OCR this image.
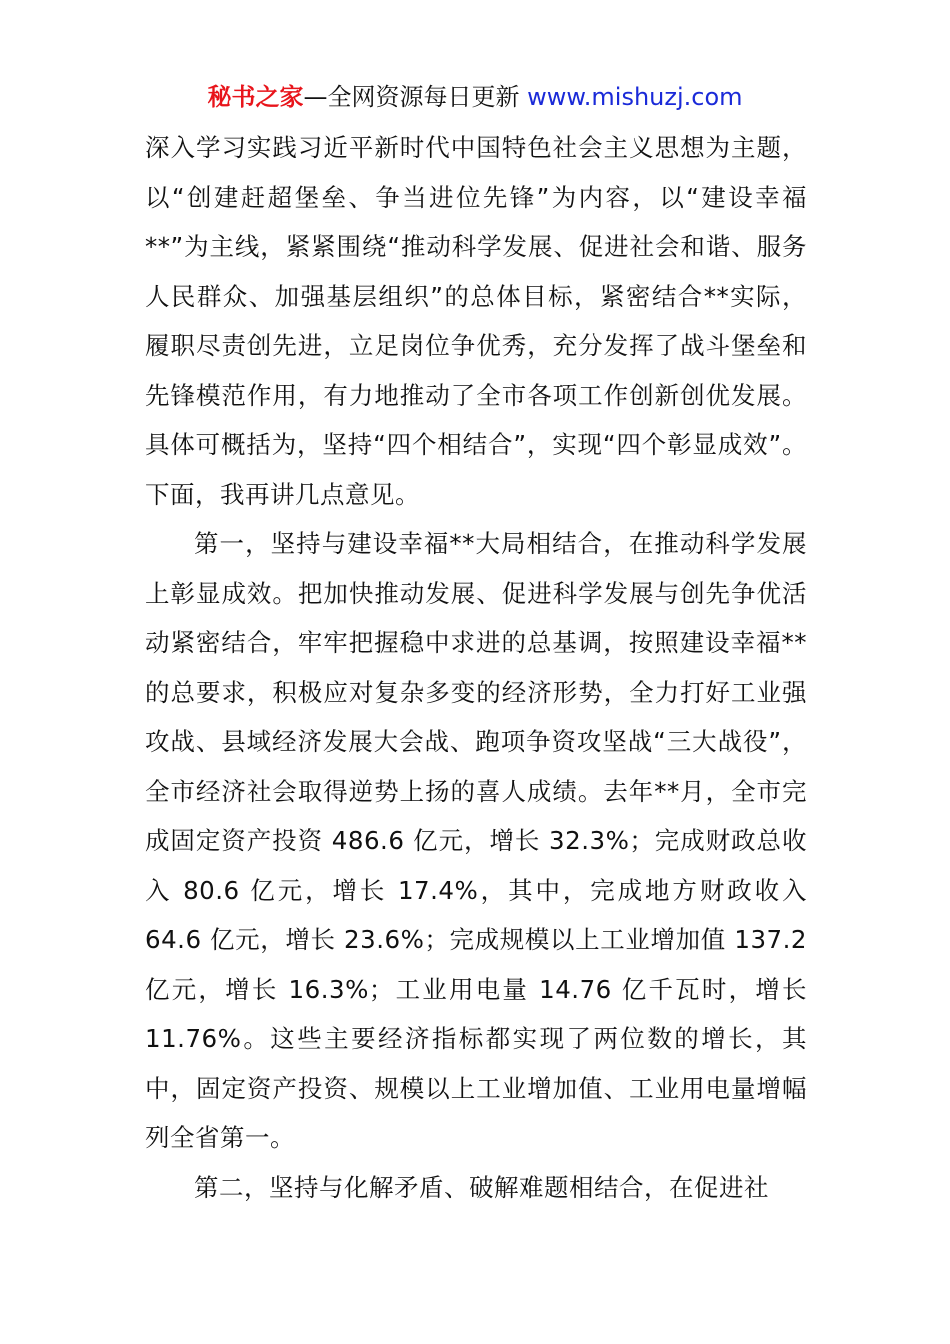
秘书之家—全网资源每日更新 www.mishuzj.com

深入学习实践习近平新时代中国特色社会主义思想为主题，以“创建赶超堡垒、争当进位先锋”为内容，以“建设幸福**”为主线，紧紧围绕“推动科学发展、促进社会和谐、服务人民群众、加强基层组织”的总体目标，紧密结合**实际，履职尽责创先进，立足岗位争优秀，充分发挥了战斗堡垒和先锋模范作用，有力地推动了全市各项工作创新创优发展。具体可概括为，坚持“四个相结合”，实现“四个彰显成效”。下面，我再讲几点意见。

第一，坚持与建设幸福**大局相结合，在推动科学发展上彰显成效。把加快推动发展、促进科学发展与创先争优活动紧密结合，牢牢把握稳中求进的总基调，按照建设幸福**的总要求，积极应对复杂多变的经济形势，全力打好工业强攻战、县域经济发展大会战、跑项争资攻坚战“三大战役”，全市经济社会取得逆势上扬的喜人成绩。去年**月，全市完成固定资产投资 486.6 亿元，增长 32.3%；完成财政总收入 80.6 亿元，增长 17.4%，其中，完成地方财政收入 64.6 亿元，增长 23.6%；完成规模以上工业增加值 137.2 亿元，增长 16.3%；工业用电量 14.76 亿千瓦时，增长 11.76%。这些主要经济指标都实现了两位数的增长，其中，固定资产投资、规模以上工业增加值、工业用电量增幅列全省第一。

第二，坚持与化解矛盾、破解难题相结合，在促进社
